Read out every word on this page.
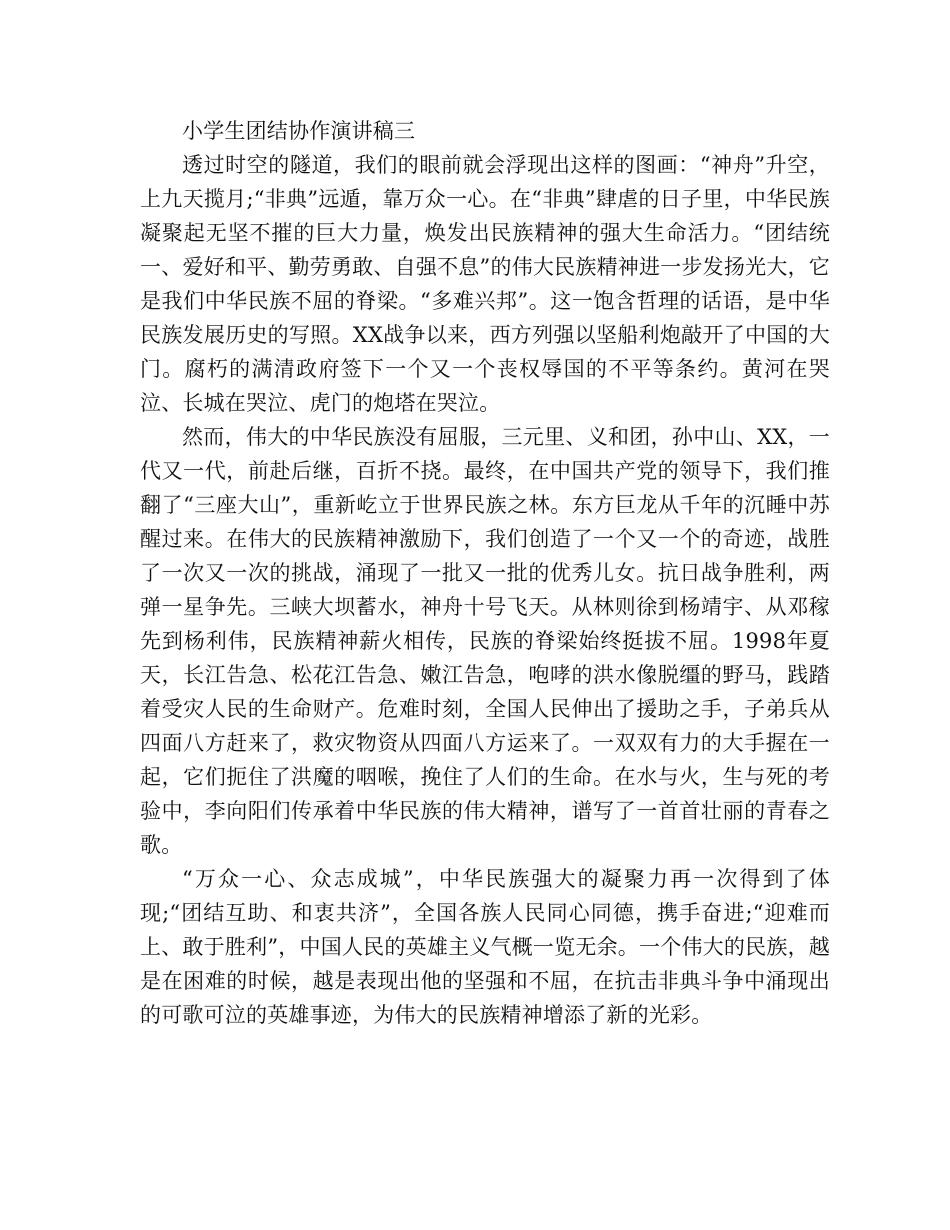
小学生团结协作演讲稿三

透过时空的隧道，我们的眼前就会浮现出这样的图画：“神舟”升空，上九天揽月;“非典”远遁，靠万众一心。在“非典”肆虐的日子里，中华民族凝聚起无坚不摧的巨大力量，焕发出民族精神的强大生命活力。“团结统一、爱好和平、勤劳勇敢、自强不息”的伟大民族精神进一步发扬光大，它是我们中华民族不屈的脊梁。“多难兴邦”。这一饱含哲理的话语，是中华民族发展历史的写照。XX战争以来，西方列强以坚船利炮敲开了中国的大门。腐朽的满清政府签下一个又一个丧权辱国的不平等条约。黄河在哭泣、长城在哭泣、虎门的炮塔在哭泣。

然而，伟大的中华民族没有屈服，三元里、义和团，孙中山、XX，一代又一代，前赴后继，百折不挠。最终，在中国共产党的领导下，我们推翻了“三座大山”，重新屹立于世界民族之林。东方巨龙从千年的沉睡中苏醒过来。在伟大的民族精神激励下，我们创造了一个又一个的奇迹，战胜了一次又一次的挑战，涌现了一批又一批的优秀儿女。抗日战争胜利，两弹一星争先。三峡大坝蓄水，神舟十号飞天。从林则徐到杨靖宇、从邓稼先到杨利伟，民族精神薪火相传，民族的脊梁始终挺拔不屈。1998年夏天，长江告急、松花江告急、嫩江告急，咆哮的洪水像脱缰的野马，践踏着受灾人民的生命财产。危难时刻，全国人民伸出了援助之手，子弟兵从四面八方赶来了，救灾物资从四面八方运来了。一双双有力的大手握在一起，它们扼住了洪魔的咽喉，挽住了人们的生命。在水与火，生与死的考验中，李向阳们传承着中华民族的伟大精神，谱写了一首首壮丽的青春之歌。

“万众一心、众志成城”，中华民族强大的凝聚力再一次得到了体现;“团结互助、和衷共济”，全国各族人民同心同德，携手奋进;“迎难而上、敢于胜利”，中国人民的英雄主义气概一览无余。一个伟大的民族，越是在困难的时候，越是表现出他的坚强和不屈，在抗击非典斗争中涌现出的可歌可泣的英雄事迹，为伟大的民族精神增添了新的光彩。
